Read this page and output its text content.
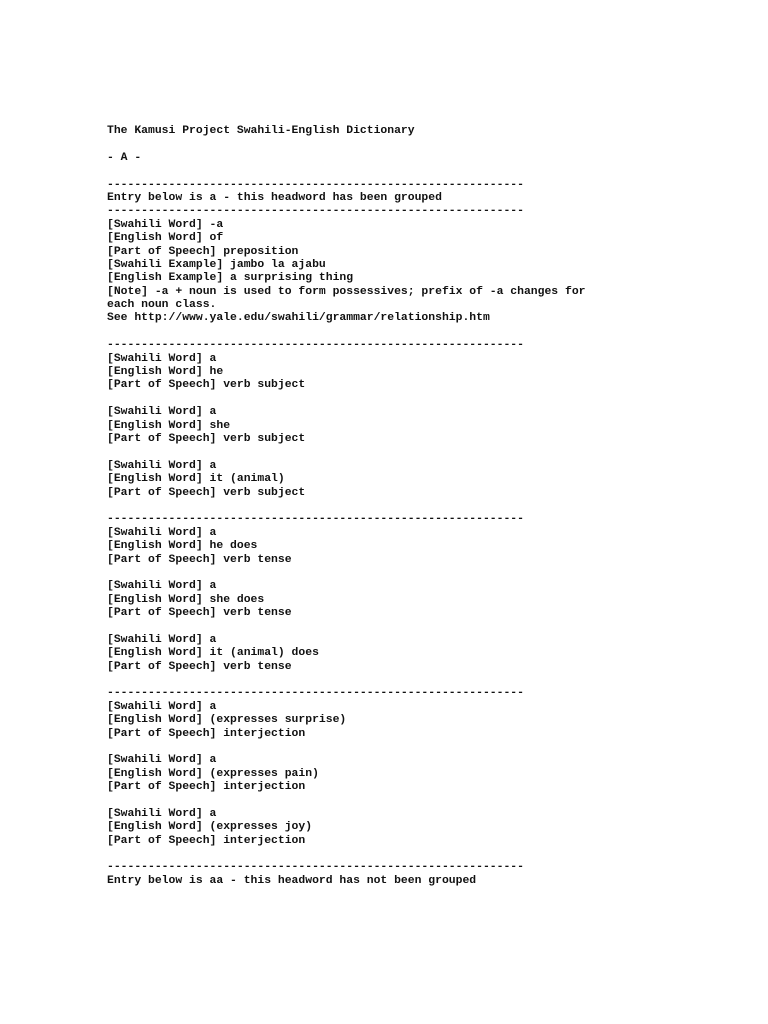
The Kamusi Project Swahili-English Dictionary
- A -
-------------------------------------------------------------
Entry below is a - this headword has been grouped
-------------------------------------------------------------
[Swahili Word] -a
[English Word] of
[Part of Speech] preposition
[Swahili Example] jambo la ajabu
[English Example] a surprising thing
[Note] -a + noun is used to form possessives; prefix of -a changes for
each noun class.
See http://www.yale.edu/swahili/grammar/relationship.htm
-------------------------------------------------------------
[Swahili Word] a
[English Word] he
[Part of Speech] verb subject
[Swahili Word] a
[English Word] she
[Part of Speech] verb subject
[Swahili Word] a
[English Word] it (animal)
[Part of Speech] verb subject
-------------------------------------------------------------
[Swahili Word] a
[English Word] he does
[Part of Speech] verb tense
[Swahili Word] a
[English Word] she does
[Part of Speech] verb tense
[Swahili Word] a
[English Word] it (animal) does
[Part of Speech] verb tense
-------------------------------------------------------------
[Swahili Word] a
[English Word] (expresses surprise)
[Part of Speech] interjection
[Swahili Word] a
[English Word] (expresses pain)
[Part of Speech] interjection
[Swahili Word] a
[English Word] (expresses joy)
[Part of Speech] interjection
-------------------------------------------------------------
Entry below is aa - this headword has not been grouped
